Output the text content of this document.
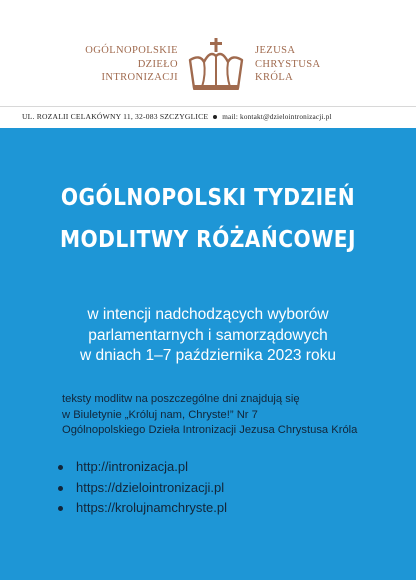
OGÓLNOPOLSKIE
DZIEŁO
INTRONIZACJI
JEZUSA
CHRYSTUSA
KRÓLA
UL. ROZALII CELAKÓWNY 11, 32-083 SZCZYGLICE mail: kontakt@dzielointronizacji.pl
OGÓLNOPOLSKI TYDZIEŃ
MODLITWY RÓŻAŃCOWEJ
w intencji nadchodzących wyborów
parlamentarnych i samorządowych
w dniach 1–7 października 2023 roku
teksty modlitw na poszczególne dni znajdują się
w Biuletynie „Króluj nam, Chryste!” Nr 7
Ogólnopolskiego Dzieła Intronizacji Jezusa Chrystusa Króla
http://intronizacja.pl
https://dzielointronizacji.pl
https://krolujnamchryste.pl
